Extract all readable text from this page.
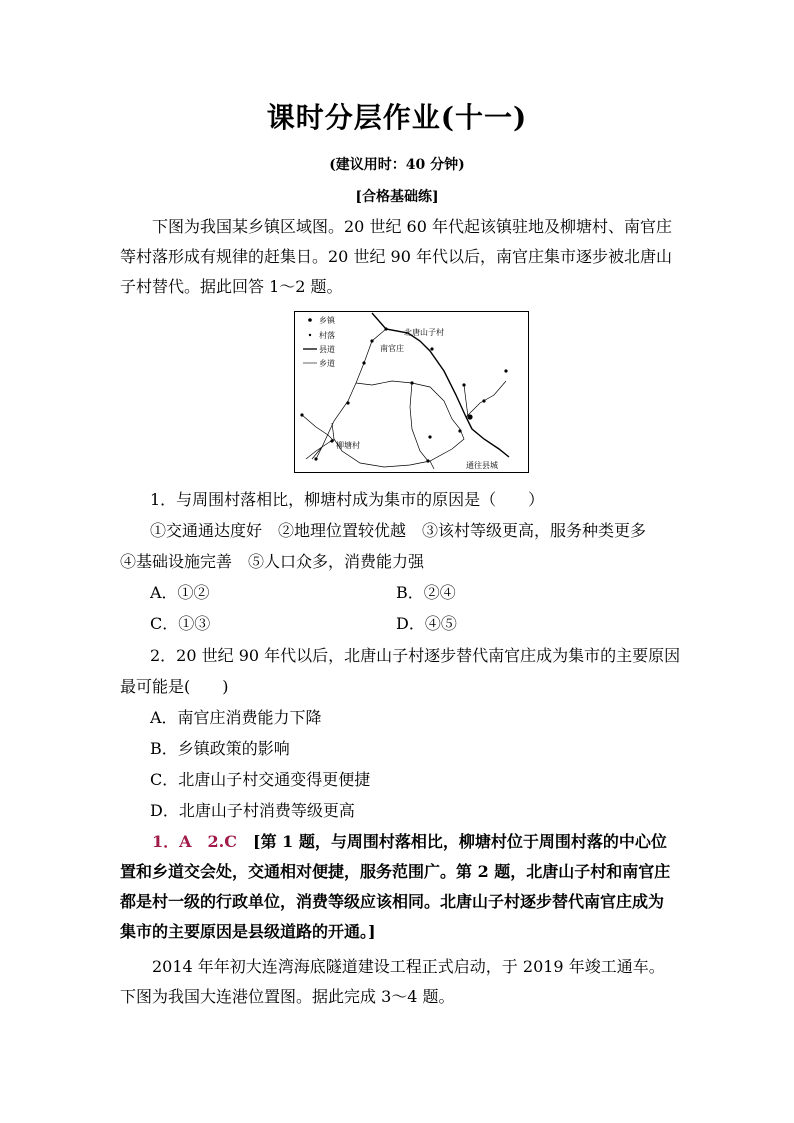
课时分层作业(十一)
(建议用时：40 分钟)
[合格基础练]
下图为我国某乡镇区域图。20 世纪 60 年代起该镇驻地及柳塘村、南官庄等村落形成有规律的赶集日。20 世纪 90 年代以后，南官庄集市逐步被北唐山子村替代。据此回答 1～2 题。
乡镇
村落
县道
乡道
北唐山子村
南官庄
柳塘村
通往县城
1．与周围村落相比，柳塘村成为集市的原因是（　　）
①交通通达度好　②地理位置较优越　③该村等级更高，服务种类更多
④基础设施完善　⑤人口众多，消费能力强
A．①②	B．②④
C．①③	D．④⑤
2．20 世纪 90 年代以后，北唐山子村逐步替代南官庄成为集市的主要原因
最可能是(　　)
A．南官庄消费能力下降
B．乡镇政策的影响
C．北唐山子村交通变得更便捷
D．北唐山子村消费等级更高
1．A　2.C　 [第 1 题，与周围村落相比，柳塘村位于周围村落的中心位置和乡道交会处，交通相对便捷，服务范围广。第 2 题，北唐山子村和南官庄都是村一级的行政单位，消费等级应该相同。北唐山子村逐步替代南官庄成为集市的主要原因是县级道路的开通。]
2014 年年初大连湾海底隧道建设工程正式启动，于 2019 年竣工通车。下图为我国大连港位置图。据此完成 3～4 题。
